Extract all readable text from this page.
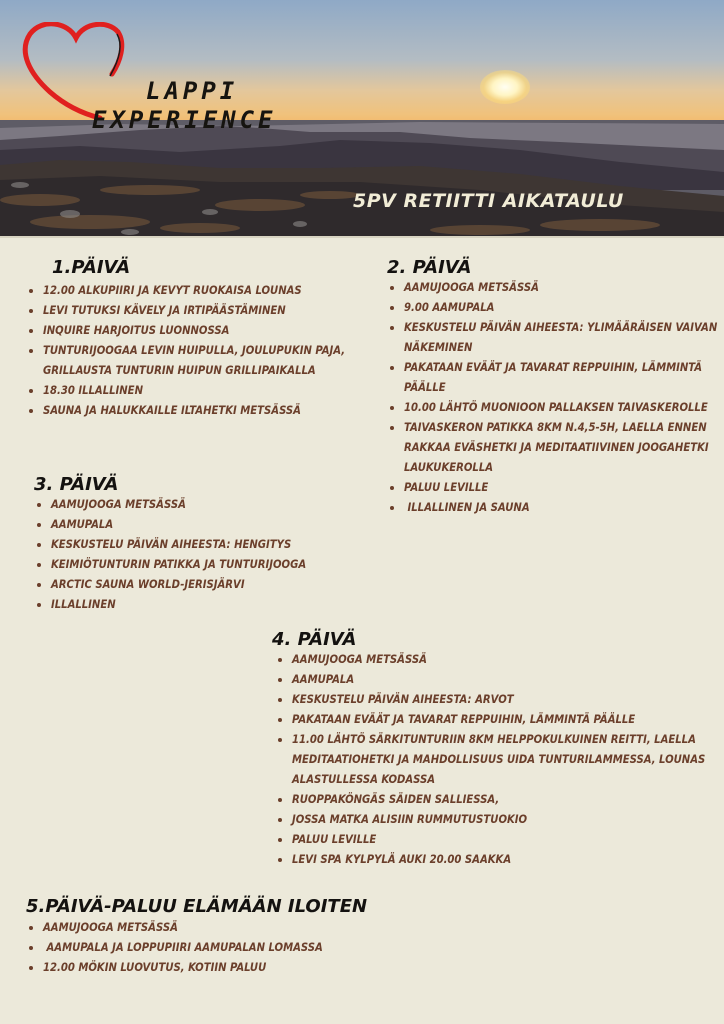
LAPPI
EXPERIENCE
5PV RETIITTI AIKATAULU
1.PÄIVÄ
12.00 ALKUPIIRI JA KEVYT RUOKAISA LOUNAS
LEVI TUTUKSI KÄVELY JA IRTIPÄÄSTÄMINEN
INQUIRE HARJOITUS LUONNOSSA
TUNTURIJOOGAA LEVIN HUIPULLA, JOULUPUKIN PAJA, GRILLAUSTA TUNTURIN HUIPUN GRILLIPAIKALLA
18.30 ILLALLINEN
SAUNA JA HALUKKAILLE ILTAHETKI METSÄSSÄ
2. PÄIVÄ
AAMUJOOGA METSÄSSÄ
9.00 AAMUPALA
KESKUSTELU PÄIVÄN AIHEESTA: YLIMÄÄRÄISEN VAIVAN NÄKEMINEN
PAKATAAN EVÄÄT JA TAVARAT REPPUIHIN, LÄMMINTÄ PÄÄLLE
10.00 LÄHTÖ MUONIOON PALLAKSEN TAIVASKEROLLE
TAIVASKERON PATIKKA 8KM N.4,5-5H, LAELLA ENNEN RAKKAA EVÄSHETKI JA MEDITAATIIVINEN JOOGAHETKI LAUKUKEROLLA
PALUU LEVILLE
ILLALLINEN JA SAUNA
3. PÄIVÄ
AAMUJOOGA METSÄSSÄ
AAMUPALA
KESKUSTELU PÄIVÄN AIHEESTA: HENGITYS
KEIMIÖTUNTURIN PATIKKA JA TUNTURIJOOGA
ARCTIC SAUNA WORLD-JERISJÄRVI
ILLALLINEN
4. PÄIVÄ
AAMUJOOGA METSÄSSÄ
AAMUPALA
KESKUSTELU PÄIVÄN AIHEESTA: ARVOT
PAKATAAN EVÄÄT JA TAVARAT REPPUIHIN, LÄMMINTÄ PÄÄLLE
11.00 LÄHTÖ SÄRKITUNTURIIN 8KM HELPPOKULKUINEN REITTI, LAELLA MEDITAATIOHETKI JA MAHDOLLISUUS UIDA TUNTURILAMMESSA, LOUNAS ALASTULLESSA KODASSA
RUOPPAKÖNGÄS SÄIDEN SALLIESSA,
JOSSA MATKA ALISIIN RUMMUTUSTUOKIO
PALUU LEVILLE
LEVI SPA KYLPYLÄ AUKI 20.00 SAAKKA
5.PÄIVÄ-PALUU ELÄMÄÄN ILOITEN
AAMUJOOGA METSÄSSÄ
AAMUPALA JA LOPPUPIIRI AAMUPALAN LOMASSA
12.00 MÖKIN LUOVUTUS, KOTIIN PALUU
